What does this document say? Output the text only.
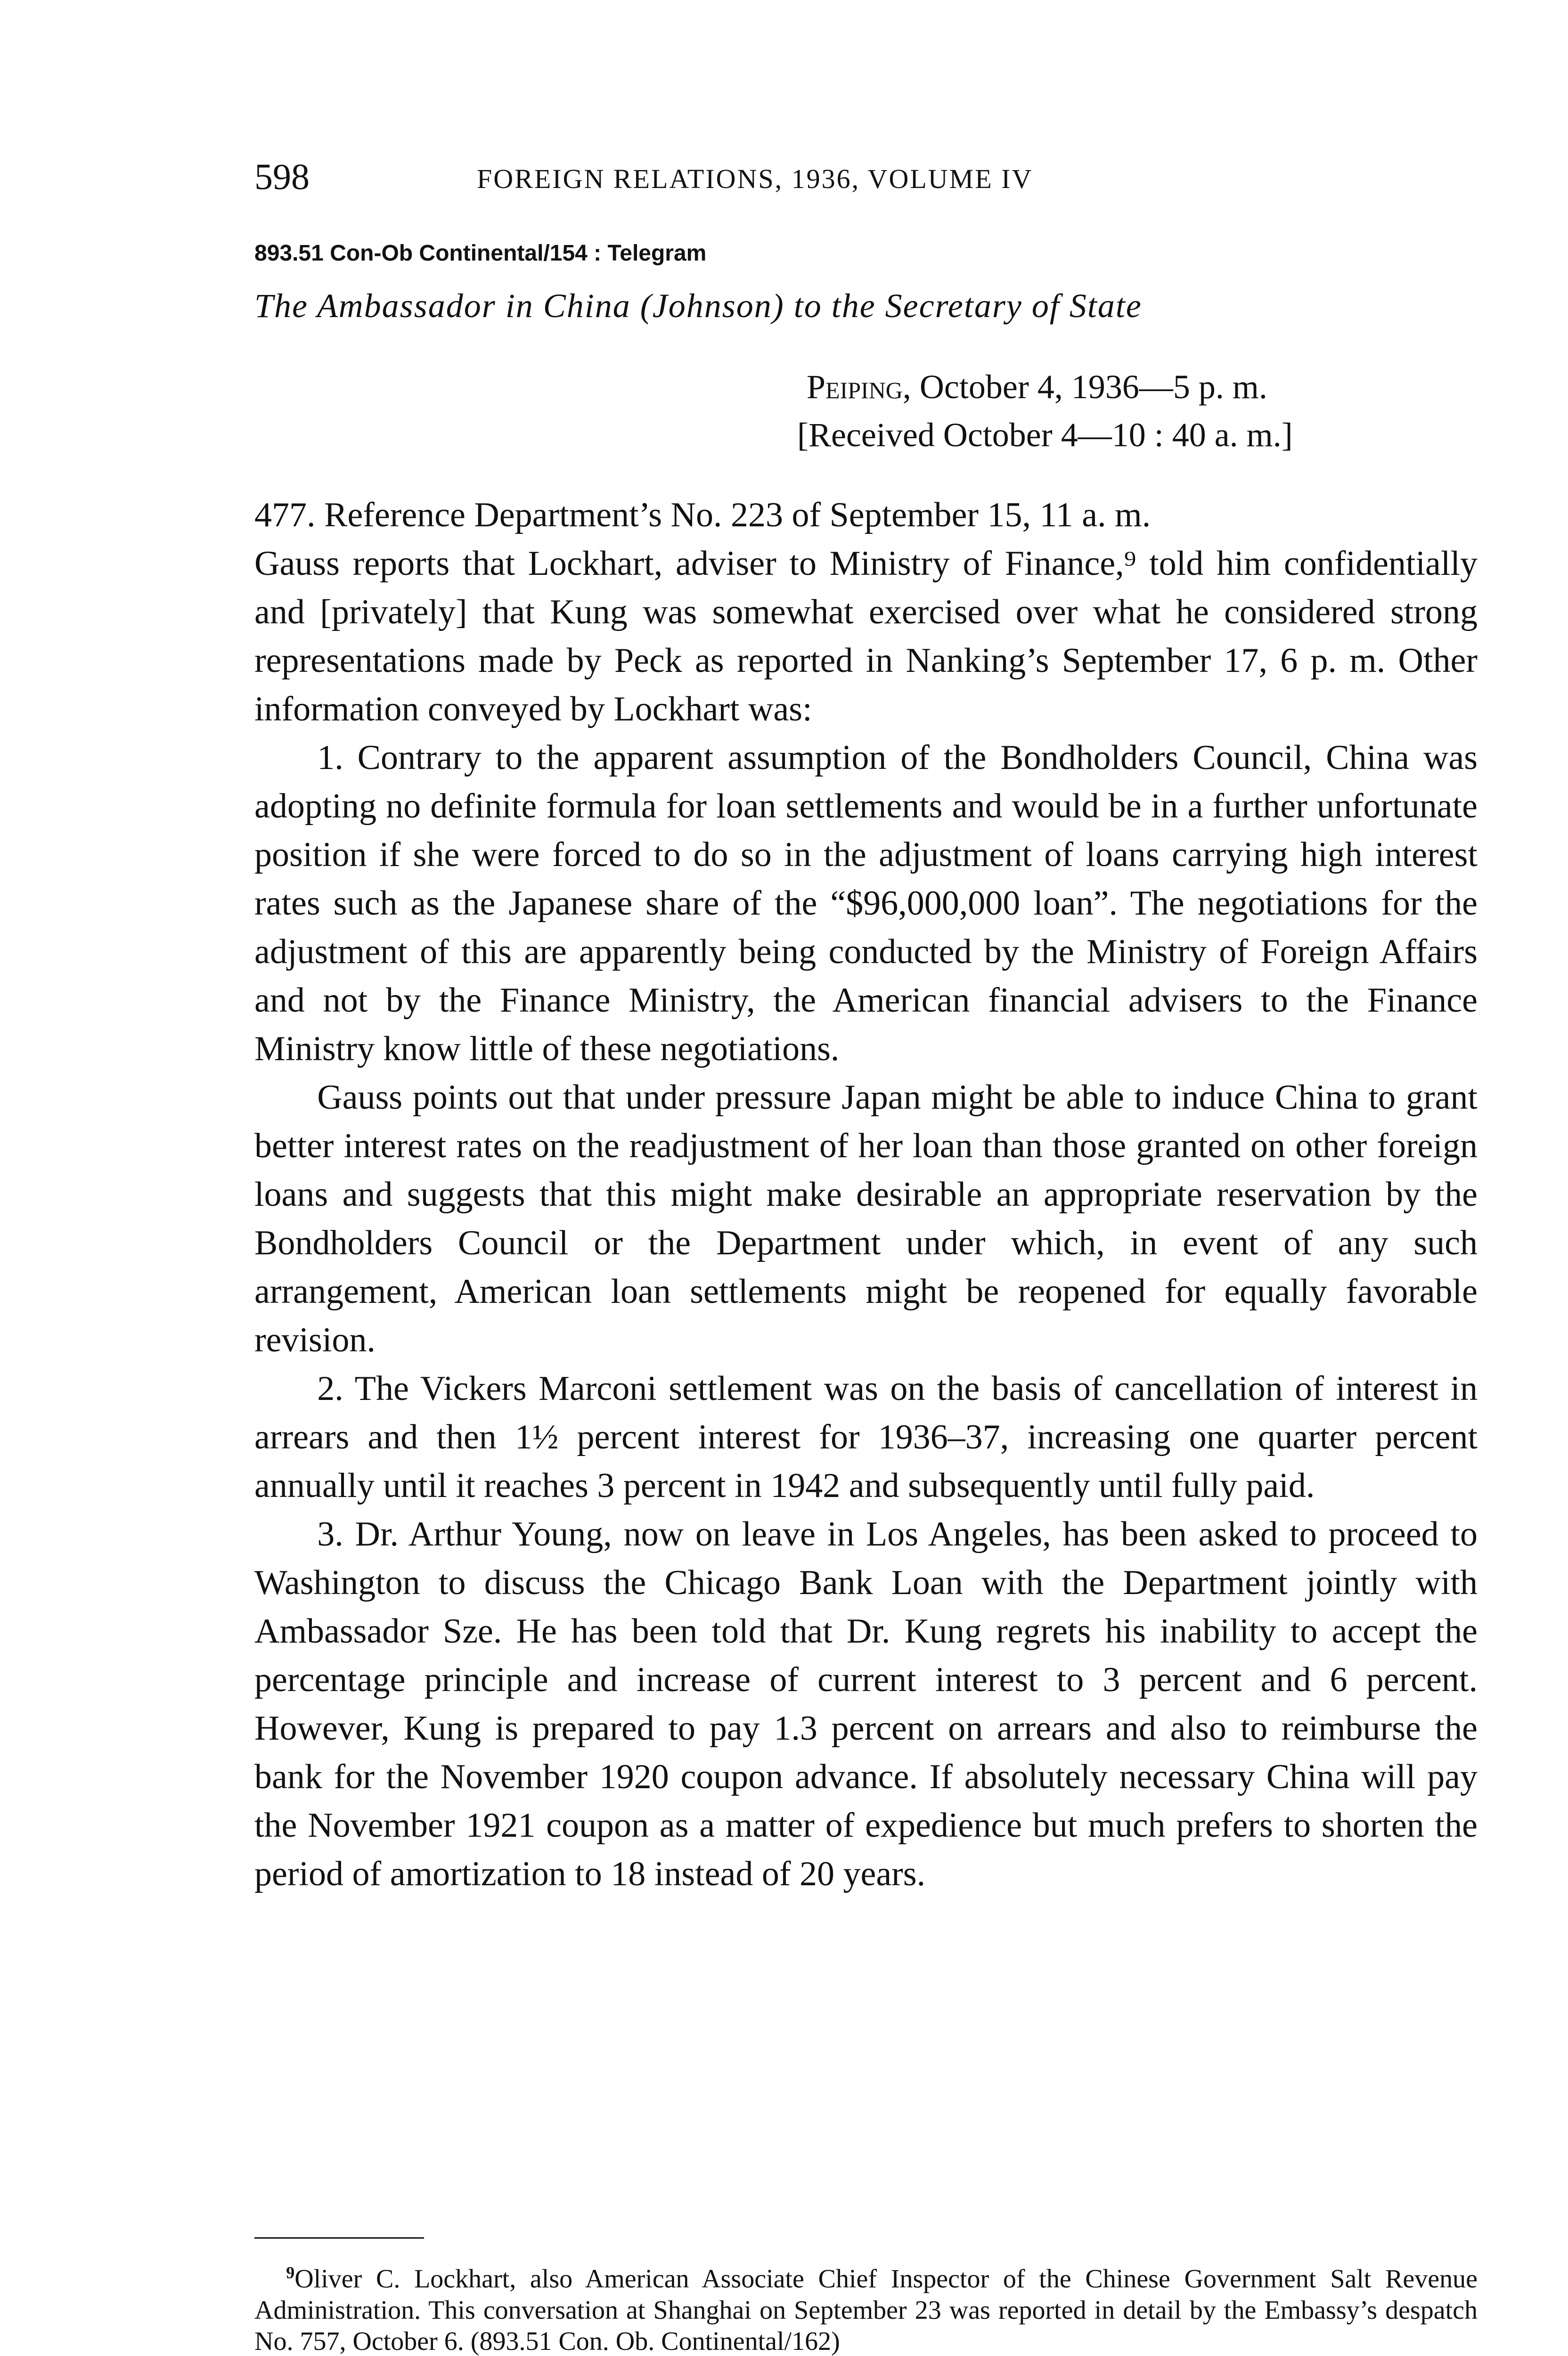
598	FOREIGN RELATIONS, 1936, VOLUME IV
893.51 Con-Ob Continental/154 : Telegram
The Ambassador in China (Johnson) to the Secretary of State
Peiping, October 4, 1936—5 p. m.
[Received October 4—10 : 40 a. m.]

477. Reference Department’s No. 223 of September 15, 11 a. m.

Gauss reports that Lockhart, adviser to Ministry of Finance,⁹ told him confidentially and [privately] that Kung was somewhat exercised over what he considered strong representations made by Peck as reported in Nanking’s September 17, 6 p. m. Other information conveyed by Lockhart was:

1. Contrary to the apparent assumption of the Bondholders Council, China was adopting no definite formula for loan settlements and would be in a further unfortunate position if she were forced to do so in the adjustment of loans carrying high interest rates such as the Japanese share of the “$96,000,000 loan”. The negotiations for the adjustment of this are apparently being conducted by the Ministry of Foreign Affairs and not by the Finance Ministry, the American financial advisers to the Finance Ministry know little of these negotiations.

Gauss points out that under pressure Japan might be able to induce China to grant better interest rates on the readjustment of her loan than those granted on other foreign loans and suggests that this might make desirable an appropriate reservation by the Bondholders Council or the Department under which, in event of any such arrangement, American loan settlements might be reopened for equally favorable revision.

2. The Vickers Marconi settlement was on the basis of cancellation of interest in arrears and then 1½ percent interest for 1936–37, increasing one quarter percent annually until it reaches 3 percent in 1942 and subsequently until fully paid.

3. Dr. Arthur Young, now on leave in Los Angeles, has been asked to proceed to Washington to discuss the Chicago Bank Loan with the Department jointly with Ambassador Sze. He has been told that Dr. Kung regrets his inability to accept the percentage principle and increase of current interest to 3 percent and 6 percent. However, Kung is prepared to pay 1.3 percent on arrears and also to reimburse the bank for the November 1920 coupon advance. If absolutely necessary China will pay the November 1921 coupon as a matter of expedience but much prefers to shorten the period of amortization to 18 instead of 20 years.

$^9$Oliver C. Lockhart, also American Associate Chief Inspector of the Chinese Government Salt Revenue Administration. This conversation at Shanghai on September 23 was reported in detail by the Embassy’s despatch No. 757, October 6. (893.51 Con. Ob. Continental/162)
